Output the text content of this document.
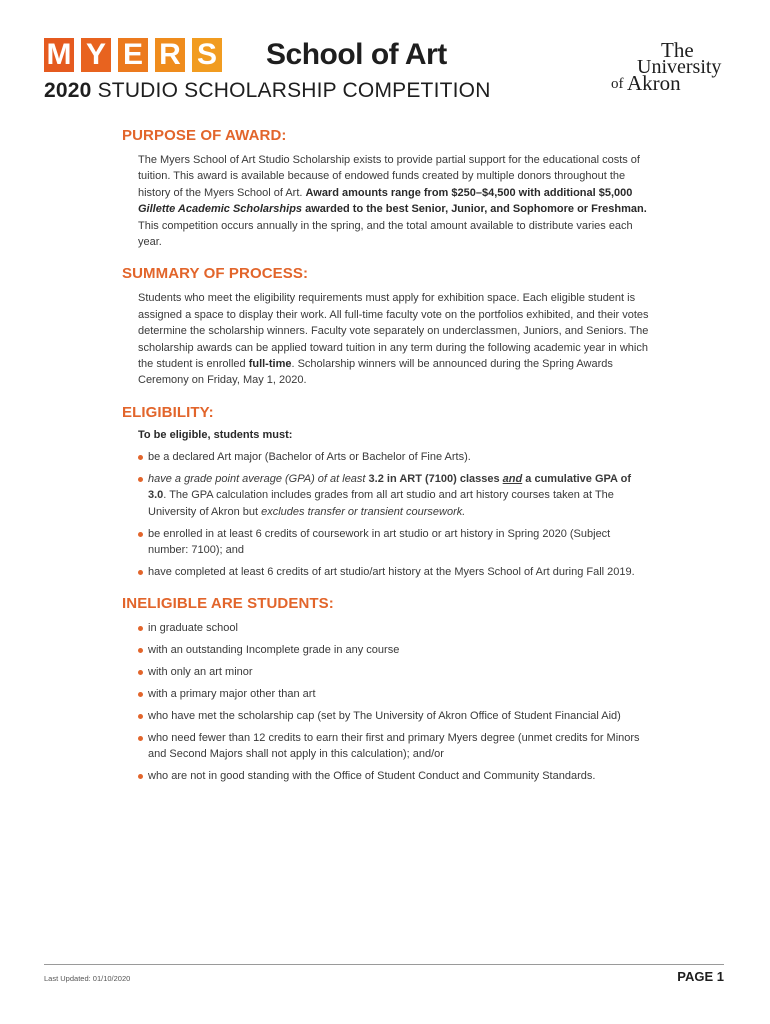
M Y E R S School of Art
2020 STUDIO SCHOLARSHIP COMPETITION
The
University
of Akron
PURPOSE OF AWARD:

The Myers School of Art Studio Scholarship exists to provide partial support for the educational costs of tuition. This award is available because of endowed funds created by multiple donors throughout the history of the Myers School of Art. Award amounts range from $250–$4,500 with additional $5,000 Gillette Academic Scholarships awarded to the best Senior, Junior, and Sophomore or Freshman. This competition occurs annually in the spring, and the total amount available to distribute varies each year.

SUMMARY OF PROCESS:

Students who meet the eligibility requirements must apply for exhibition space. Each eligible student is assigned a space to display their work. All full-time faculty vote on the portfolios exhibited, and their votes determine the scholarship winners. Faculty vote separately on underclassmen, Juniors, and Seniors. The scholarship awards can be applied toward tuition in any term during the following academic year in which the student is enrolled full-time. Scholarship winners will be announced during the Spring Awards Ceremony on Friday, May 1, 2020.

ELIGIBILITY:
To be eligible, students must:
be a declared Art major (Bachelor of Arts or Bachelor of Fine Arts).
have a grade point average (GPA) of at least 3.2 in ART (7100) classes and a cumulative GPA of 3.0. The GPA calculation includes grades from all art studio and art history courses taken at The University of Akron but excludes transfer or transient coursework.
be enrolled in at least 6 credits of coursework in art studio or art history in Spring 2020 (Subject number: 7100); and
have completed at least 6 credits of art studio/art history at the Myers School of Art during Fall 2019.
INELIGIBLE ARE STUDENTS:
in graduate school
with an outstanding Incomplete grade in any course
with only an art minor
with a primary major other than art
who have met the scholarship cap (set by The University of Akron Office of Student Financial Aid)
who need fewer than 12 credits to earn their first and primary Myers degree (unmet credits for Minors and Second Majors shall not apply in this calculation); and/or
who are not in good standing with the Office of Student Conduct and Community Standards.
Last Updated: 01/10/2020	PAGE 1
